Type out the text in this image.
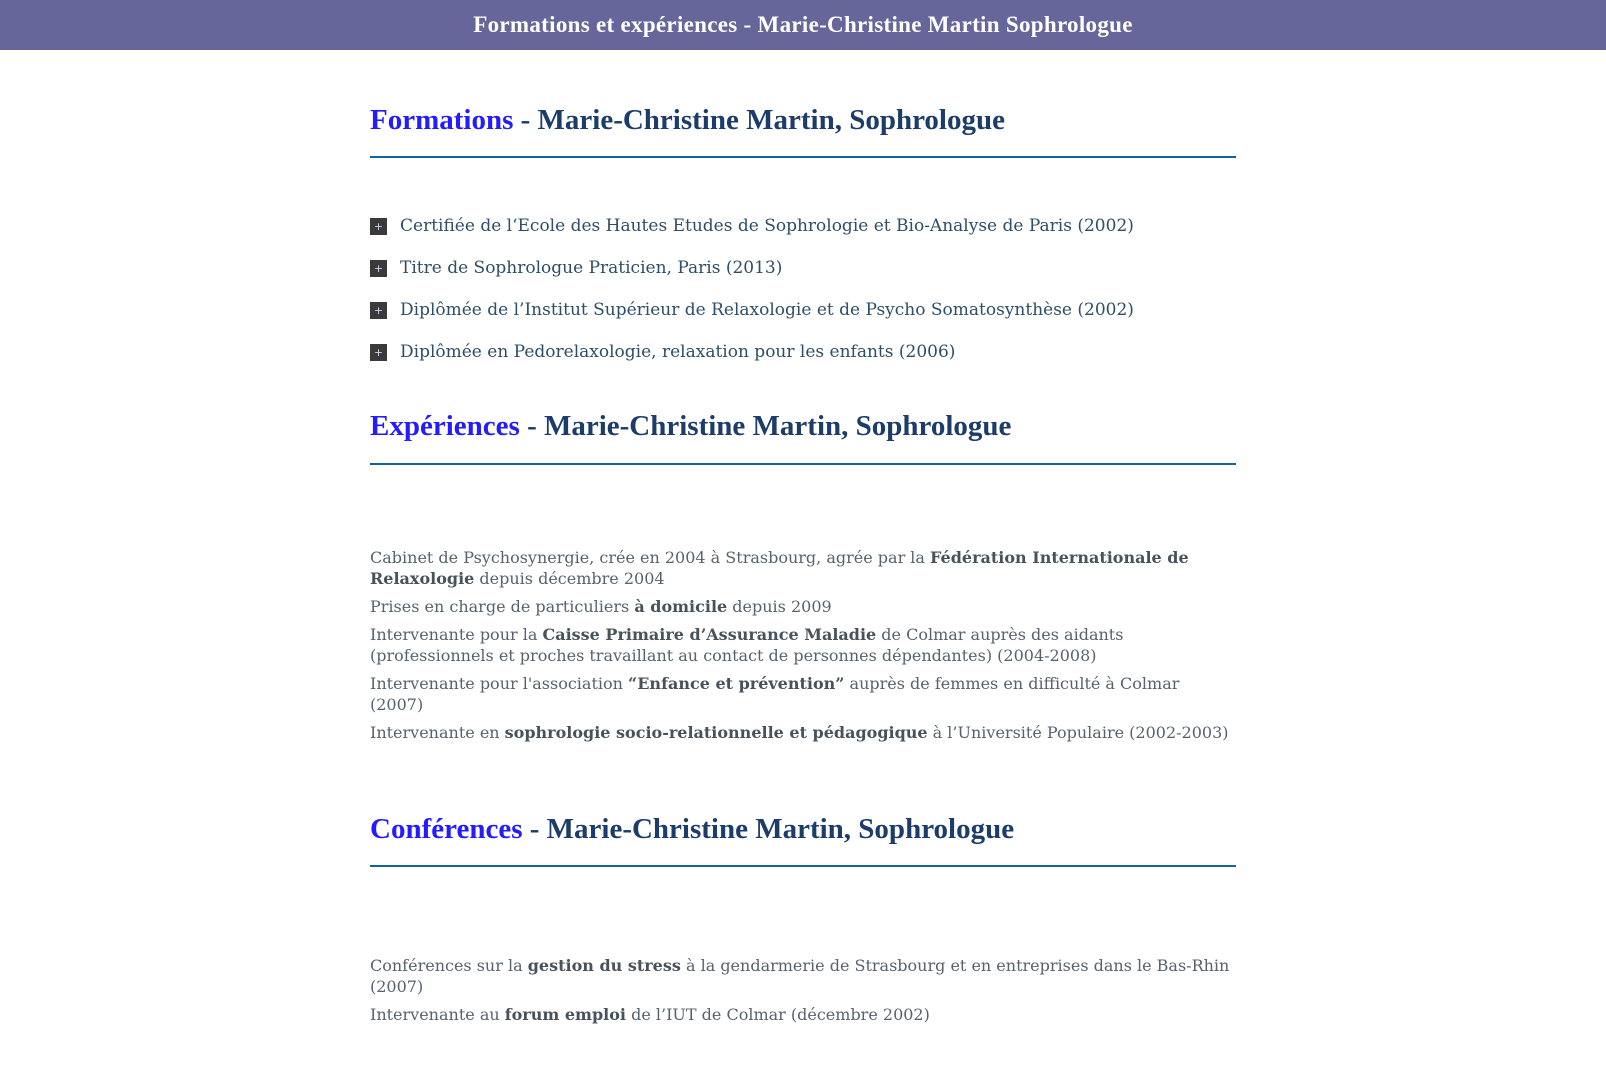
Formations et expériences - Marie-Christine Martin Sophrologue
Formations - Marie-Christine Martin, Sophrologue
+ Certifiée de l‘Ecole des Hautes Etudes de Sophrologie et Bio-Analyse de Paris (2002)
+ Titre de Sophrologue Praticien, Paris (2013)
+ Diplômée de l’Institut Supérieur de Relaxologie et de Psycho Somatosynthèse (2002)
+ Diplômée en Pedorelaxologie, relaxation pour les enfants (2006)
Expériences - Marie-Christine Martin, Sophrologue

Cabinet de Psychosynergie, crée en 2004 à Strasbourg, agrée par la Fédération Internationale de Relaxologie depuis décembre 2004

Prises en charge de particuliers à domicile depuis 2009

Intervenante pour la Caisse Primaire d’Assurance Maladie de Colmar auprès des aidants (professionnels et proches travaillant au contact de personnes dépendantes) (2004-2008)

Intervenante pour l'association “Enfance et prévention” auprès de femmes en difficulté à Colmar (2007)

Intervenante en sophrologie socio-relationnelle et pédagogique à l’Université Populaire (2002-2003)

Conférences - Marie-Christine Martin, Sophrologue

Conférences sur la gestion du stress à la gendarmerie de Strasbourg et en entreprises dans le Bas-Rhin (2007)

Intervenante au forum emploi de l’IUT de Colmar (décembre 2002)
